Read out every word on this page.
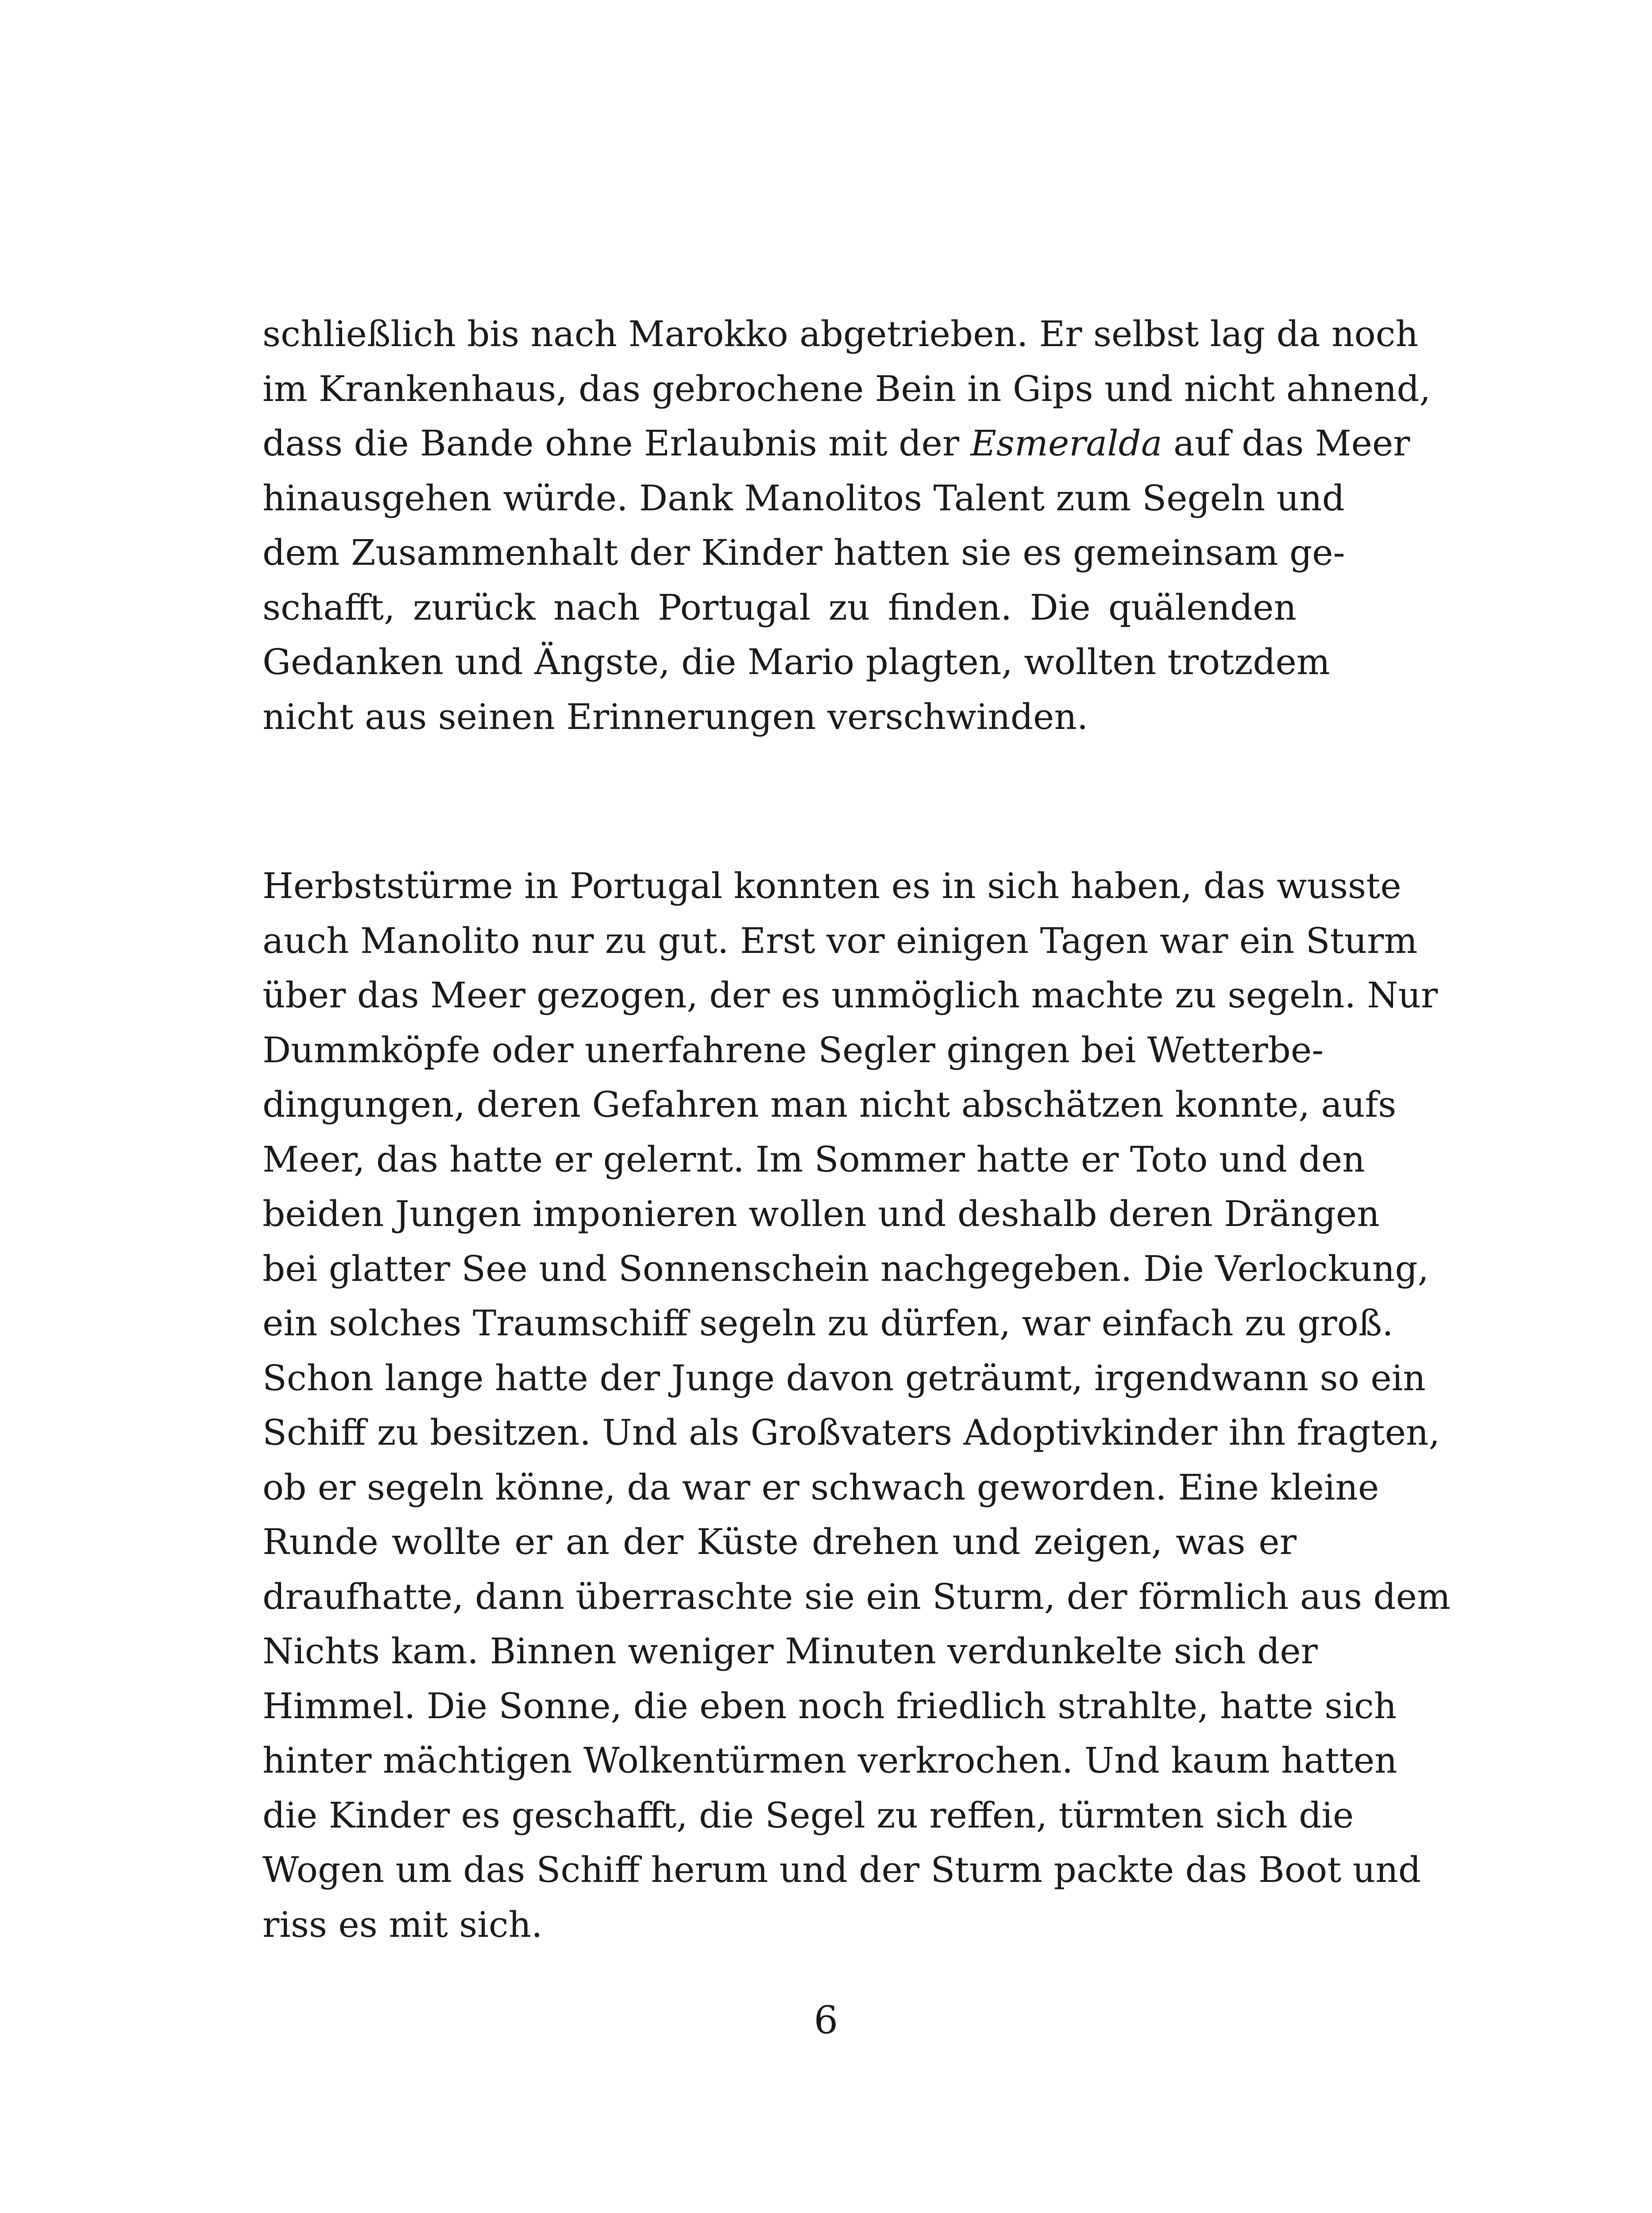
schließlich bis nach Marokko abgetrieben. Er selbst lag da noch
im Krankenhaus, das gebrochene Bein in Gips und nicht ahnend,
dass die Bande ohne Erlaubnis mit der Esmeralda auf das Meer
hinausgehen würde. Dank Manolitos Talent zum Segeln und
dem Zusammenhalt der Kinder hatten sie es gemeinsam ge-
schafft, zurück nach Portugal zu finden. Die quälenden
Gedanken und Ängste, die Mario plagten, wollten trotzdem
nicht aus seinen Erinnerungen verschwinden.
Herbststürme in Portugal konnten es in sich haben, das wusste
auch Manolito nur zu gut. Erst vor einigen Tagen war ein Sturm
über das Meer gezogen, der es unmöglich machte zu segeln. Nur
Dummköpfe oder unerfahrene Segler gingen bei Wetterbe-
dingungen, deren Gefahren man nicht abschätzen konnte, aufs
Meer, das hatte er gelernt. Im Sommer hatte er Toto und den
beiden Jungen imponieren wollen und deshalb deren Drängen
bei glatter See und Sonnenschein nachgegeben. Die Verlockung,
ein solches Traumschiff segeln zu dürfen, war einfach zu groß.
Schon lange hatte der Junge davon geträumt, irgendwann so ein
Schiff zu besitzen. Und als Großvaters Adoptivkinder ihn fragten,
ob er segeln könne, da war er schwach geworden. Eine kleine
Runde wollte er an der Küste drehen und zeigen, was er
draufhatte, dann überraschte sie ein Sturm, der förmlich aus dem
Nichts kam. Binnen weniger Minuten verdunkelte sich der
Himmel. Die Sonne, die eben noch friedlich strahlte, hatte sich
hinter mächtigen Wolkentürmen verkrochen. Und kaum hatten
die Kinder es geschafft, die Segel zu reffen, türmten sich die
Wogen um das Schiff herum und der Sturm packte das Boot und
riss es mit sich.
6
